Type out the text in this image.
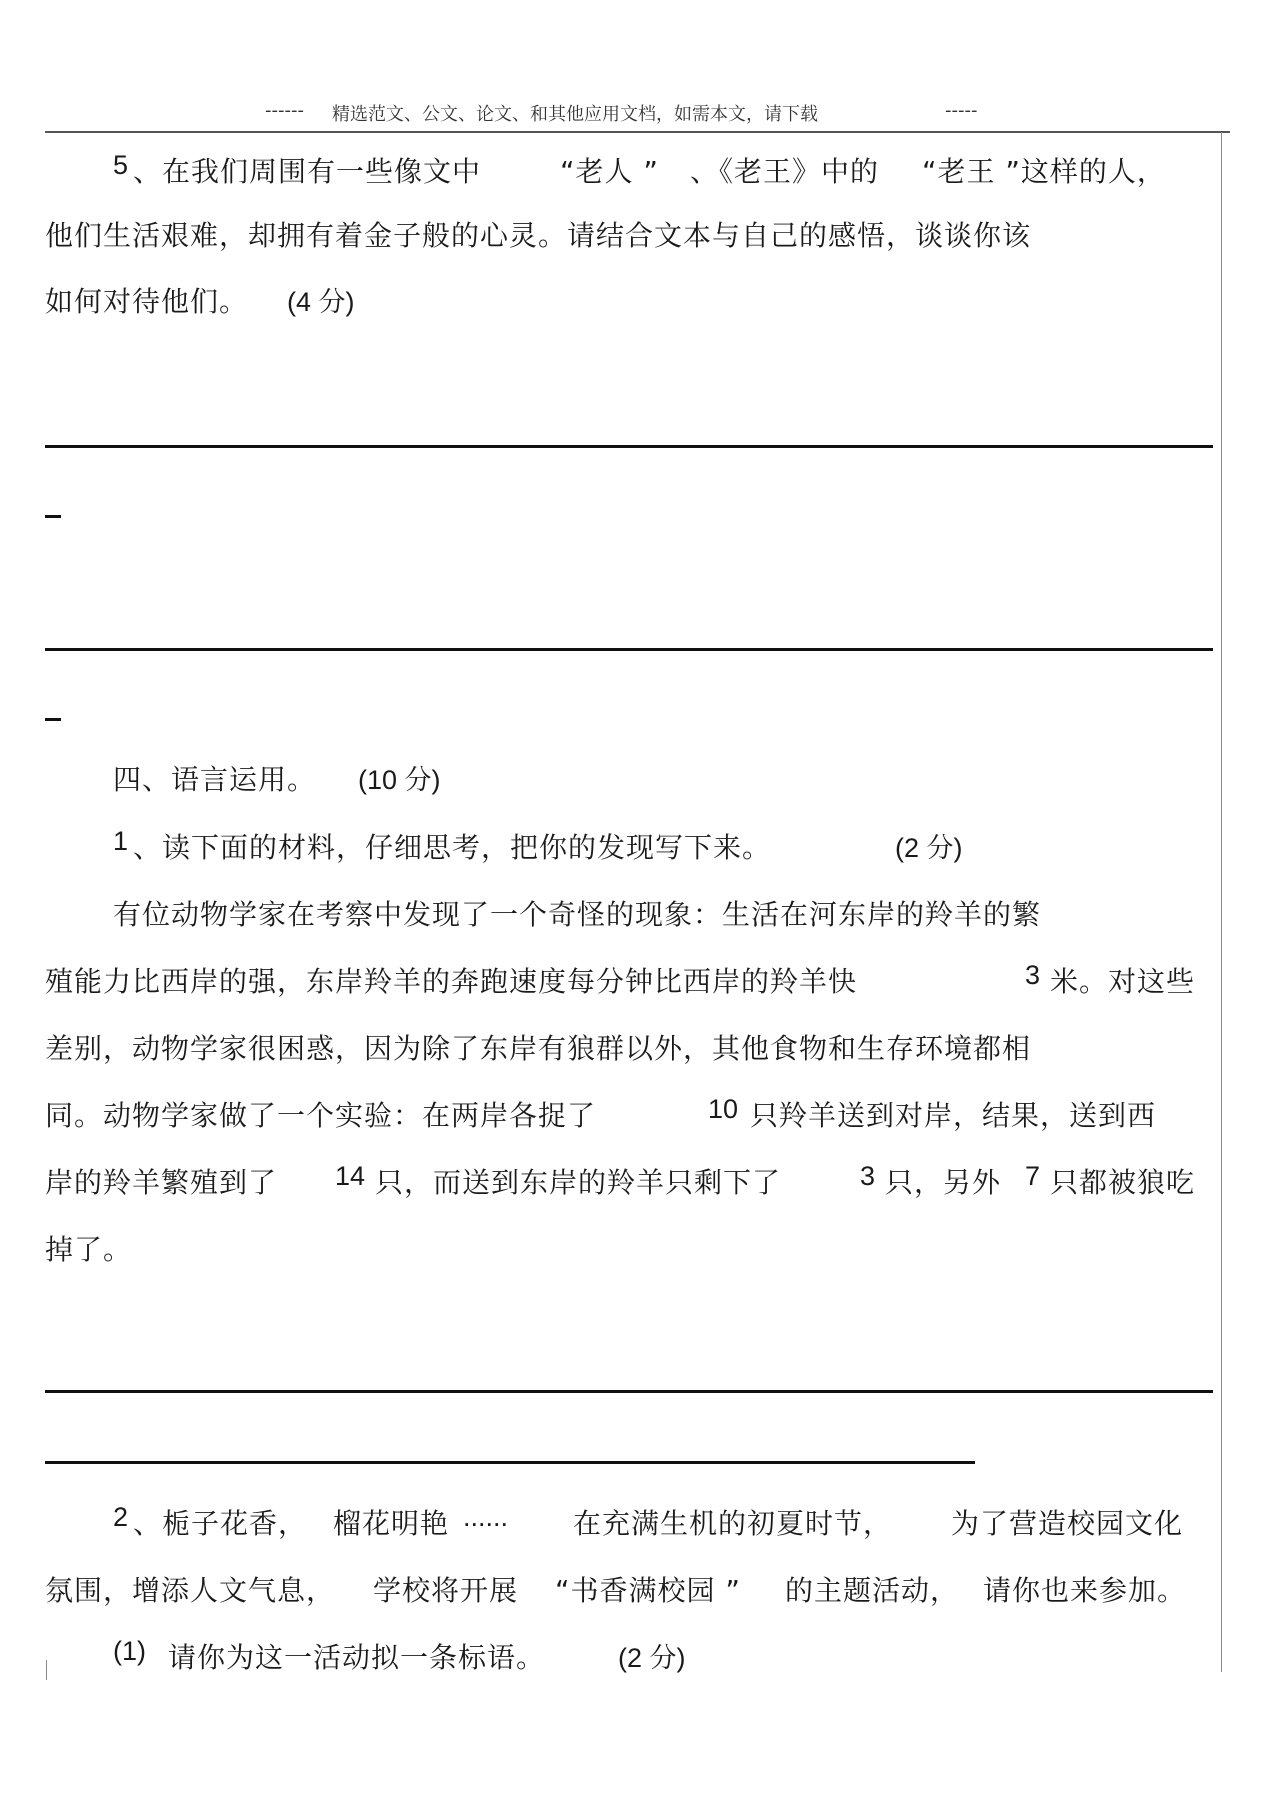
------ 精选范文、公文、论文、和其他应用文档，如需本文，请下载	-----
5 、在我们周围有一些像文中	“老人 ” 、《老王》中的 “老王 ”这样的人，
他们生活艰难，却拥有着金子般的心灵。请结合文本与自己的感悟，谈谈你该
如何对待他们。 (4 分)
四、语言运用。 (10 分)
1 、读下面的材料，仔细思考，把你的发现写下来。	(2 分)
有位动物学家在考察中发现了一个奇怪的现象：生活在河东岸的羚羊的繁
殖能力比西岸的强，东岸羚羊的奔跑速度每分钟比西岸的羚羊快	3 米。对这些
差别，动物学家很困惑，因为除了东岸有狼群以外，其他食物和生存环境都相
同。动物学家做了一个实验：在两岸各捉了	10 只羚羊送到对岸，结果，送到西
岸的羚羊繁殖到了 14 只，而送到东岸的羚羊只剩下了	3 只，另外 7 只都被狼吃
掉了。
2 、栀子花香， 榴花明艳 ...... 在充满生机的初夏时节， 为了营造校园文化
氛围，增添人文气息， 学校将开展 “书香满校园 ” 的主题活动， 请你也来参加。
(1) 请你为这一活动拟一条标语。	(2 分)
